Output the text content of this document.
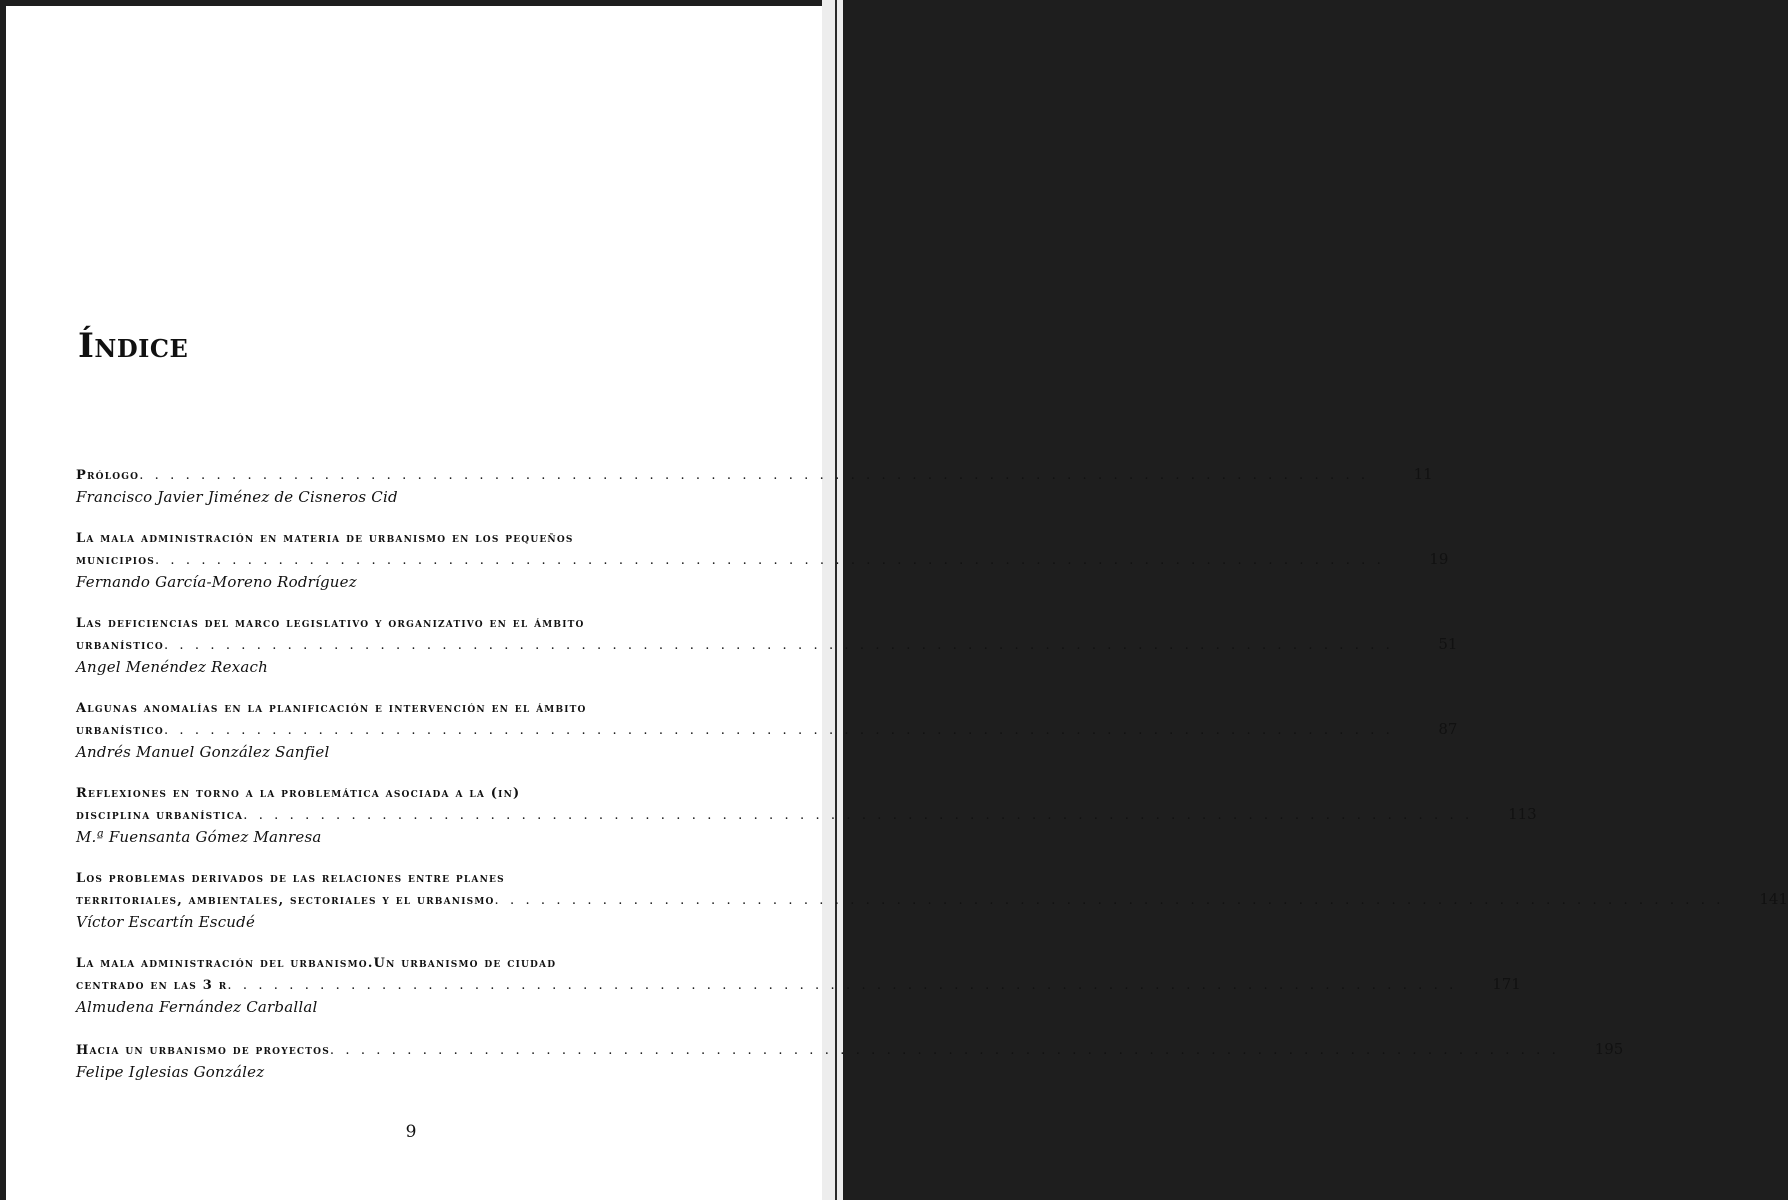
Índice
Prólogo . . . . . . . . . . . . . . . . . . . . . . . . . . . . . . . . . . . . . . . . . . . . . . . . . . . . . . . . . . . . . . . . . . . . . . . . . . . . . . . .	11
Francisco Javier Jiménez de Cisneros Cid
La mala administración en materia de urbanismo en los pequeños
municipios . . . . . . . . . . . . . . . . . . . . . . . . . . . . . . . . . . . . . . . . . . . . . . . . . . . . . . . . . . . . . . . . . . . . . . . . . . . . . . . .	19
Fernando García-Moreno Rodríguez
Las deficiencias del marco legislativo y organizativo en el ámbito
urbanístico . . . . . . . . . . . . . . . . . . . . . . . . . . . . . . . . . . . . . . . . . . . . . . . . . . . . . . . . . . . . . . . . . . . . . . . . . . . . . . . .	51
Angel Menéndez Rexach
Algunas anomalías en la planificación e intervención en el ámbito
urbanístico . . . . . . . . . . . . . . . . . . . . . . . . . . . . . . . . . . . . . . . . . . . . . . . . . . . . . . . . . . . . . . . . . . . . . . . . . . . . . . . .	87
Andrés Manuel González Sanfiel
Reflexiones en torno a la problemática asociada a la (in)
disciplina urbanística . . . . . . . . . . . . . . . . . . . . . . . . . . . . . . . . . . . . . . . . . . . . . . . . . . . . . . . . . . . . . . . . . . . . . . . . . . . . . . . . 113
M.ª Fuensanta Gómez Manresa
Los problemas derivados de las relaciones entre planes
territoriales, ambientales, sectoriales y el urbanismo . . . . . . . . . . . . . . . . . . . . . . . . . . . . . . . . . . . . . . . . . . . . . . . . . . . . . . . . . . . . . . . . . . . . . . . . . . . . . . . . 141
Víctor Escartín Escudé
La mala administración del urbanismo.Un urbanismo de ciudad
centrado en las 3 r . . . . . . . . . . . . . . . . . . . . . . . . . . . . . . . . . . . . . . . . . . . . . . . . . . . . . . . . . . . . . . . . . . . . . . . . . . . . . . . . 171
Almudena Fernández Carballal
Hacia un urbanismo de proyectos . . . . . . . . . . . . . . . . . . . . . . . . . . . . . . . . . . . . . . . . . . . . . . . . . . . . . . . . . . . . . . . . . . . . . . . . . . . . . . . . 195
Felipe Iglesias González
9
